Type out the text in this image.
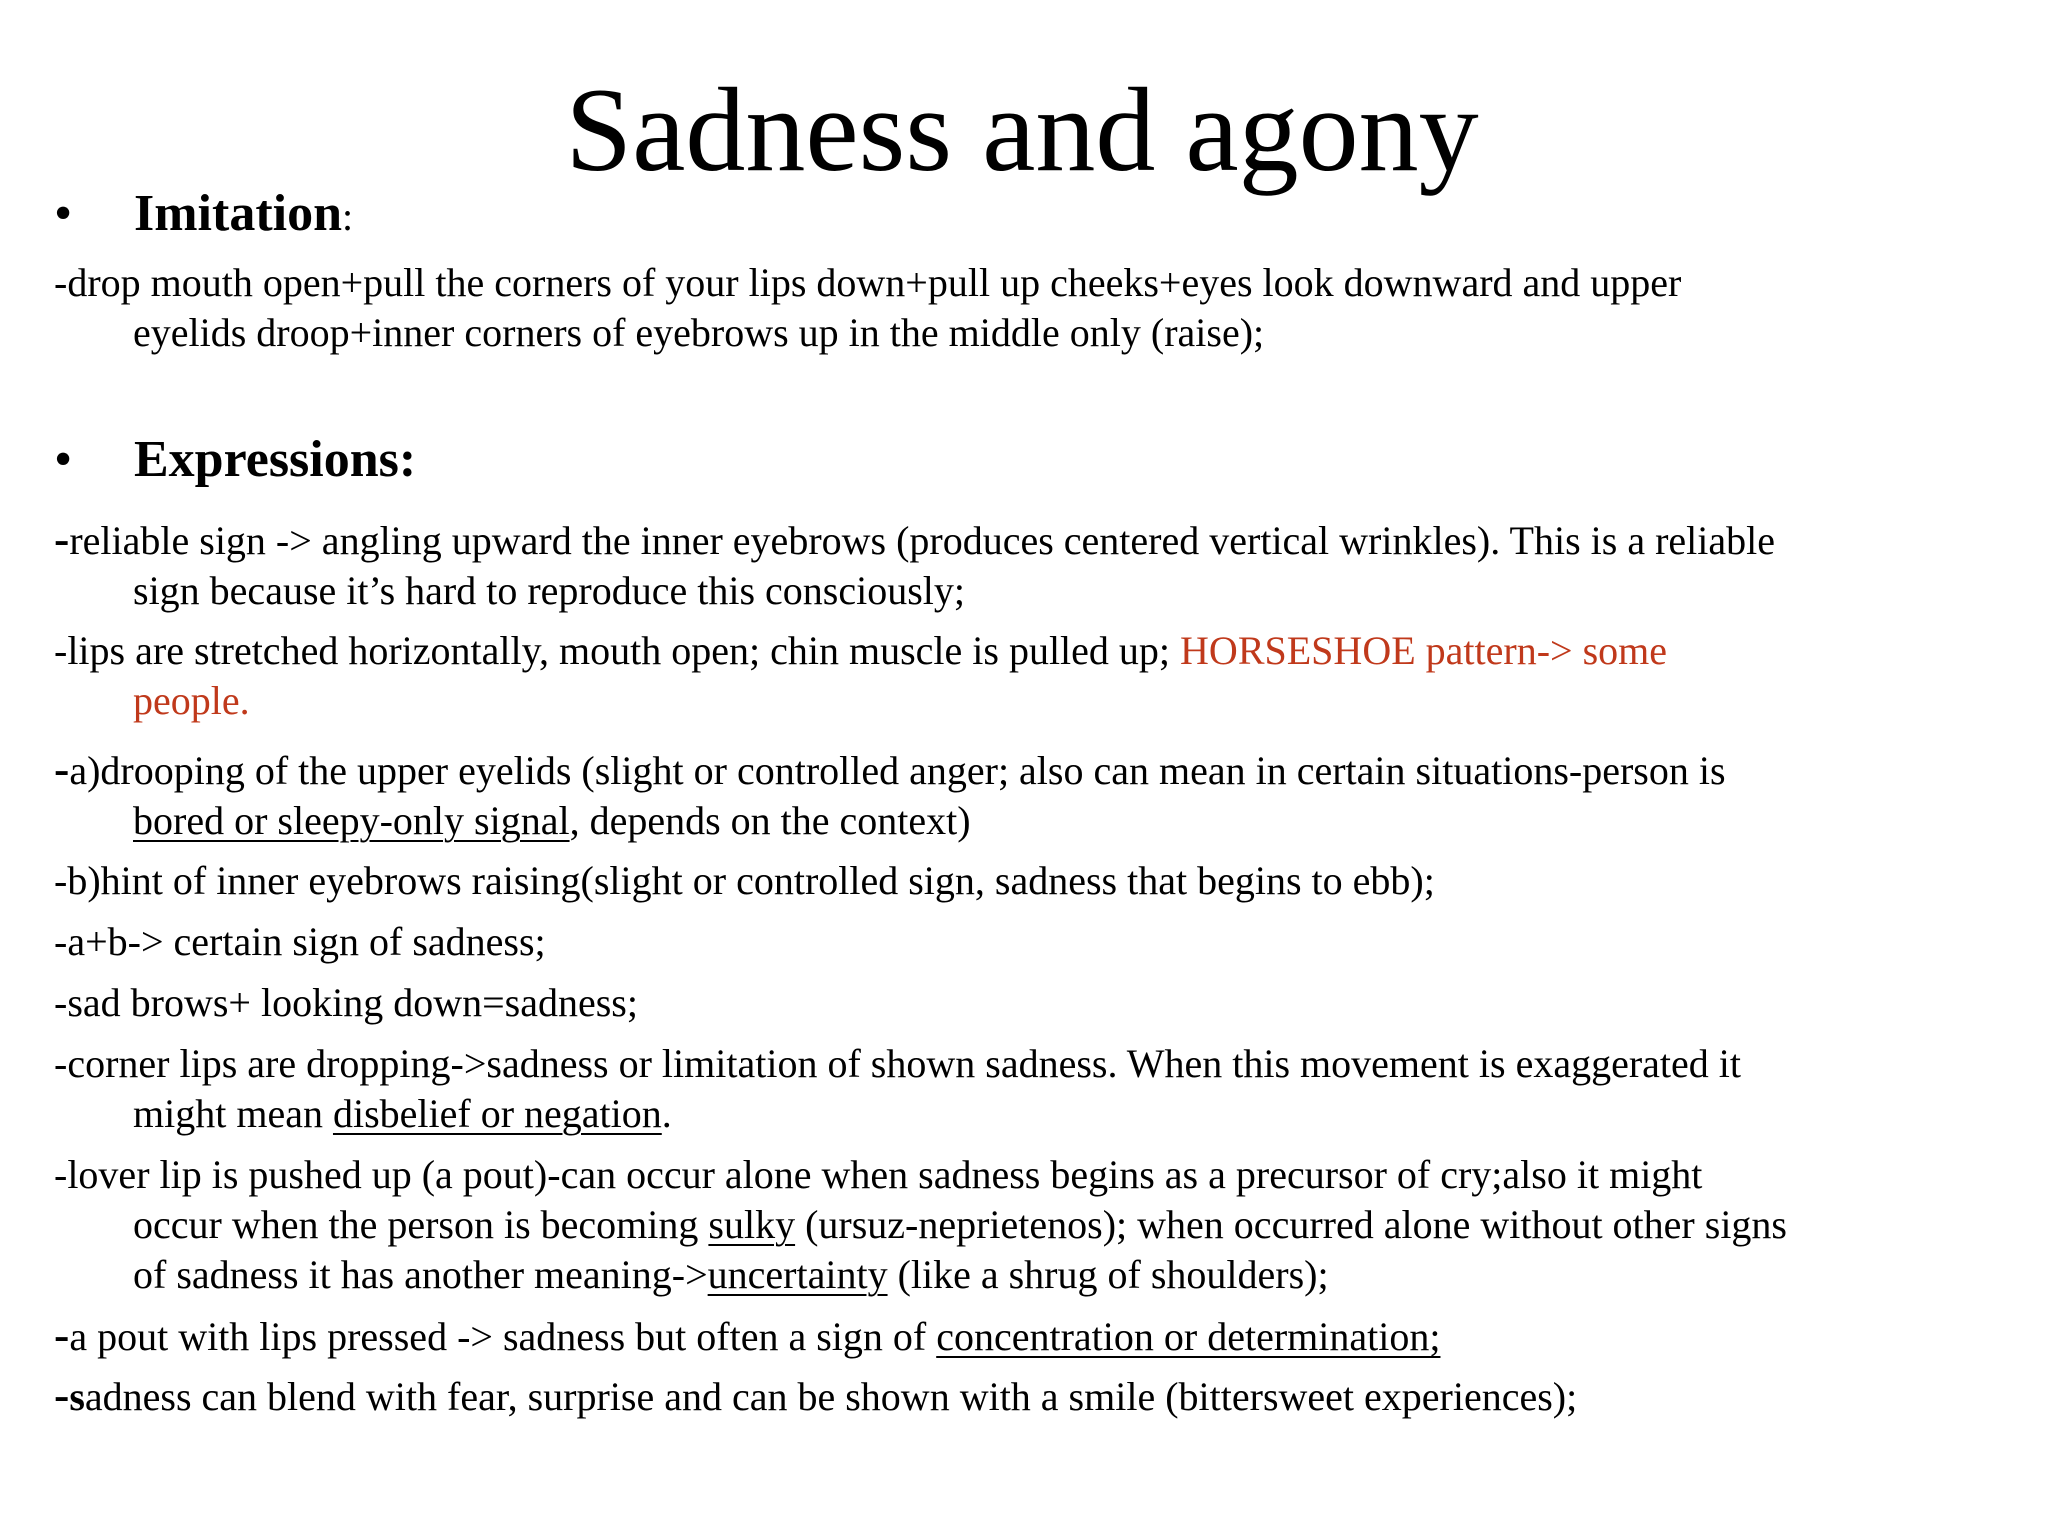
Sadness and agony
• Imitation:
-drop mouth open+pull the corners of your lips down+pull up cheeks+eyes look downward and upper
eyelids droop+inner corners of eyebrows up in the middle only (raise);
• Expressions:
-reliable sign -> angling upward the inner eyebrows (produces centered vertical wrinkles). This is a reliable
sign because it’s hard to reproduce this consciously;
-lips are stretched horizontally, mouth open; chin muscle is pulled up; HORSESHOE pattern-> some
people.
-a)drooping of the upper eyelids (slight or controlled anger; also can mean in certain situations-person is
bored or sleepy-only signal, depends on the context)
-b)hint of inner eyebrows raising(slight or controlled sign, sadness that begins to ebb);
-a+b-> certain sign of sadness;
-sad brows+ looking down=sadness;
-corner lips are dropping->sadness or limitation of shown sadness. When this movement is exaggerated it
might mean disbelief or negation.
-lover lip is pushed up (a pout)-can occur alone when sadness begins as a precursor of cry;also it might
occur when the person is becoming sulky (ursuz-neprietenos); when occurred alone without other signs
of sadness it has another meaning->uncertainty (like a shrug of shoulders);
-a pout with lips pressed -> sadness but often a sign of concentration or determination;
-sadness can blend with fear, surprise and can be shown with a smile (bittersweet experiences);
